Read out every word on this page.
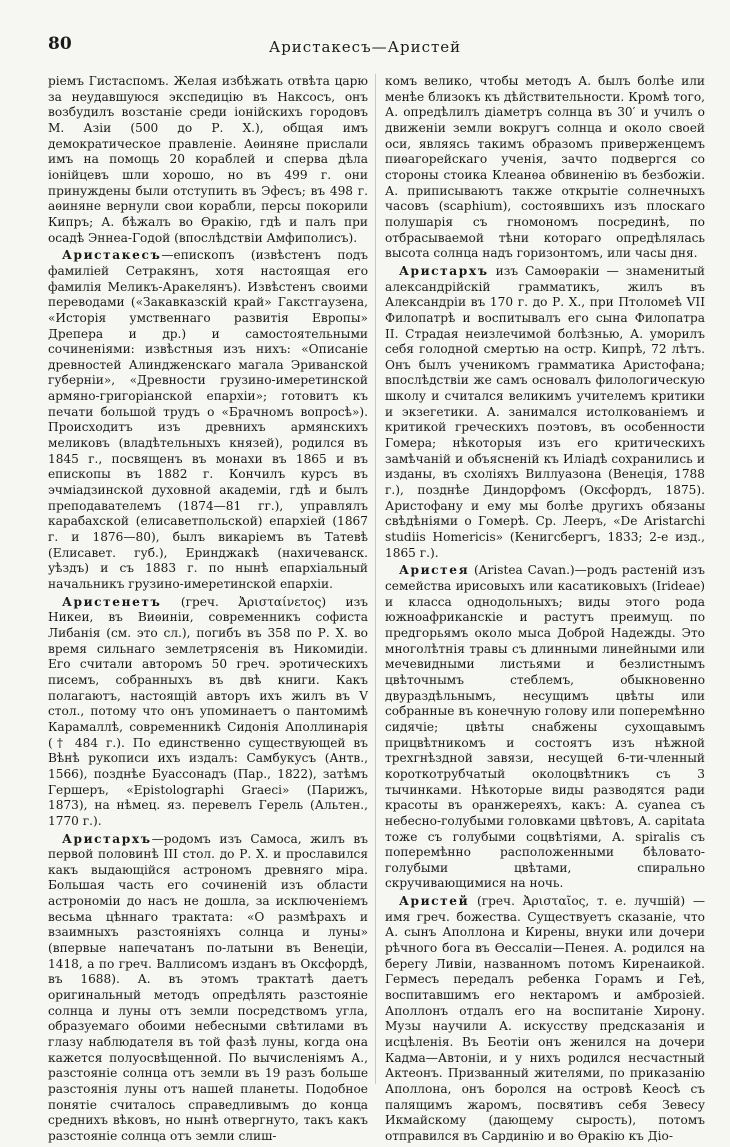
80	Аристакесъ—Аристей

ріемъ Гистаспомъ. Желая избѣжать отвѣта царю за неудавшуюся экспедицію въ Наксосъ, онъ возбудилъ возстаніе среди іонійскихъ городовъ М. Азіи (500 до Р. Х.), общая имъ демократическое правленіе. Аѳиняне прислали имъ на помощь 20 кораблей и сперва дѣла іонійцевъ шли хорошо, но въ 499 г. они принуждены были отступить въ Эфесъ; въ 498 г. аѳиняне вернули свои корабли, персы покорили Кипръ; А. бѣжалъ во Ѳракію, гдѣ и палъ при осадѣ Эннеа-Годой (впослѣдствіи Амфиполисъ).

Аристакесъ—епископъ (извѣстенъ подъ фамиліей Сетракянъ, хотя настоящая его фамилія Меликъ-Аракелянъ). Извѣстенъ своими переводами («Закавказскій край» Гакстгаузена, «Исторія умственнаго развитія Европы» Дрепера и др.) и самостоятельными сочиненіями: извѣстныя изъ нихъ: «Описаніе древностей Алиндженскаго магала Эриванской губерніи», «Древности грузино-имеретинской армяно-григоріанской епархіи»; готовитъ къ печати большой трудъ о «Брачномъ вопросѣ»). Происходитъ изъ древнихъ армянскихъ меликовъ (владѣтельныхъ князей), родился въ 1845 г., посвященъ въ монахи въ 1865 и въ епископы въ 1882 г. Кончилъ курсъ въ эчміадзинской духовной академіи, гдѣ и былъ преподавателемъ (1874—81 гг.), управлялъ карабахской (елисаветпольской) епархіей (1867 г. и 1876—80), былъ викаріемъ въ Татевѣ (Елисавет. губ.), Еринджакѣ (нахичеванск. уѣздъ) и съ 1883 г. по нынѣ епархіальный начальникъ грузино-имеретинской епархіи.

Аристенетъ (греч. Ἀρισταίνετος) изъ Никеи, въ Виѳиніи, современникъ софиста Либанія (см. это сл.), погибъ въ 358 по Р. Х. во время сильнаго землетрясенія въ Никомидіи. Его считали авторомъ 50 греч. эротическихъ писемъ, собранныхъ въ двѣ книги. Какъ полагаютъ, настоящій авторъ ихъ жилъ въ V стол., потому что онъ упоминаетъ о пантомимѣ Карамаллѣ, современникѣ Сидонія Аполлинарія († 484 г.). По единственно существующей въ Вѣнѣ рукописи ихъ издалъ: Самбукусъ (Антв., 1566), позднѣе Буассонадъ (Пар., 1822), затѣмъ Гершеръ, «Epistolographi Graeci» (Парижъ, 1873), на нѣмец. яз. перевелъ Герель (Альтен., 1770 г.).

Аристархъ—родомъ изъ Самоса, жилъ въ первой половинѣ III стол. до Р. Х. и прославился какъ выдающійся астрономъ древняго міра. Большая часть его сочиненій изъ области астрономіи до насъ не дошла, за исключеніемъ весьма цѣннаго трактата: «О размѣрахъ и взаимныхъ разстояніяхъ солнца и луны» (впервые напечатанъ по-латыни въ Венеціи, 1418, а по греч. Валлисомъ изданъ въ Оксфордѣ, въ 1688). А. въ этомъ трактатѣ даетъ оригинальный методъ опредѣлять разстояніе солнца и луны отъ земли посредствомъ угла, образуемаго обоими небесными свѣтилами въ глазу наблюдателя въ той фазѣ луны, когда она кажется полуосвѣщенной. По вычисленіямъ А., разстояніе солнца отъ земли въ 19 разъ больше разстоянія луны отъ нашей планеты. Подобное понятіе считалось справедливымъ до конца среднихъ вѣковъ, но нынѣ отвергнуто, такъ какъ разстояніе солнца отъ земли слиш-

комъ велико, чтобы методъ А. былъ болѣе или менѣе близокъ къ дѣйствительности. Кромѣ того, А. опредѣлилъ діаметръ солнца въ 30′ и училъ о движеніи земли вокругъ солнца и около своей оси, являясь такимъ образомъ приверженцемъ пиѳагорейскаго ученія, зачто подвергся со стороны стоика Клеанѳа обвиненію въ безбожіи. А. приписываютъ также открытіе солнечныхъ часовъ (scaphium), состоявшихъ изъ плоскаго полушарія съ гномономъ посрединѣ, по отбрасываемой тѣни котораго опредѣлялась высота солнца надъ горизонтомъ, или часы дня.

Аристархъ изъ Самоѳракіи — знаменитый александрійскій грамматикъ, жилъ въ Александріи въ 170 г. до Р. Х., при Птоломеѣ VII Филопатрѣ и воспитывалъ его сына Филопатра II. Страдая неизлечимой болѣзнью, А. уморилъ себя голодной смертью на остр. Кипрѣ, 72 лѣтъ. Онъ былъ ученикомъ грамматика Аристофана; впослѣдствіи же самъ основалъ филологическую школу и считался великимъ учителемъ критики и экзегетики. А. занимался истолкованіемъ и критикой греческихъ поэтовъ, въ особенности Гомера; нѣкоторыя изъ его критическихъ замѣчаній и объясненій къ Иліадѣ сохранились и изданы, въ схоліяхъ Виллуазона (Венеція, 1788 г.), позднѣе Диндорфомъ (Оксфордъ, 1875). Аристофану и ему мы болѣе другихъ обязаны свѣдѣніями о Гомерѣ. Ср. Лееръ, «De Aristarchi studiis Homericis» (Кенигсбергъ, 1833; 2-е изд., 1865 г.).

Аристея (Aristea Cavan.)—родъ растеній изъ семейства ирисовыхъ или касатиковыхъ (Irideae) и класса однодольныхъ; виды этого рода южноафриканскіе и растутъ преимущ. по предгорьямъ около мыса Доброй Надежды. Это многолѣтнія травы съ длинными линейными или мечевидными листьями и безлистнымъ цвѣточнымъ стеблемъ, обыкновенно двураздѣльнымъ, несущимъ цвѣты или собранные въ конечную голову или поперемѣнно сидячіе; цвѣты снабжены сухощавымъ прицвѣтникомъ и состоятъ изъ нѣжной трехгнѣздной завязи, несущей 6-ти-членный короткотрубчатый околоцвѣтникъ съ 3 тычинками. Нѣкоторые виды разводятся ради красоты въ оранжереяхъ, какъ: A. cyanea съ небесно-голубыми головками цвѣтовъ, A. capitata тоже съ голубыми соцвѣтіями, A. spiralis съ поперемѣнно расположенными бѣловато-голубыми цвѣтами, спирально скручивающимися на ночь.

Аристей (греч. Ἀρισταῖος, т. е. лучшій) —имя греч. божества. Существуетъ сказаніе, что А. сынъ Аполлона и Кирены, внуки или дочери рѣчного бога въ Ѳессаліи—Пенея. А. родился на берегу Ливіи, названномъ потомъ Киренаикой. Гермесъ передалъ ребенка Горамъ и Геѣ, воспитавшимъ его нектаромъ и амброзіей. Аполлонъ отдалъ его на воспитаніе Хирону. Музы научили А. искусству предсказанія и исцѣленія. Въ Беотіи онъ женился на дочери Кадма—Автоніи, и у нихъ родился несчастный Актеонъ. Призванный жителями, по приказанію Аполлона, онъ боролся на островѣ Кеосѣ съ палящимъ жаромъ, посвятивъ себя Зевесу Икмайскому (дающему сырость), потомъ отправился въ Сардинію и во Ѳракію къ Діо-
